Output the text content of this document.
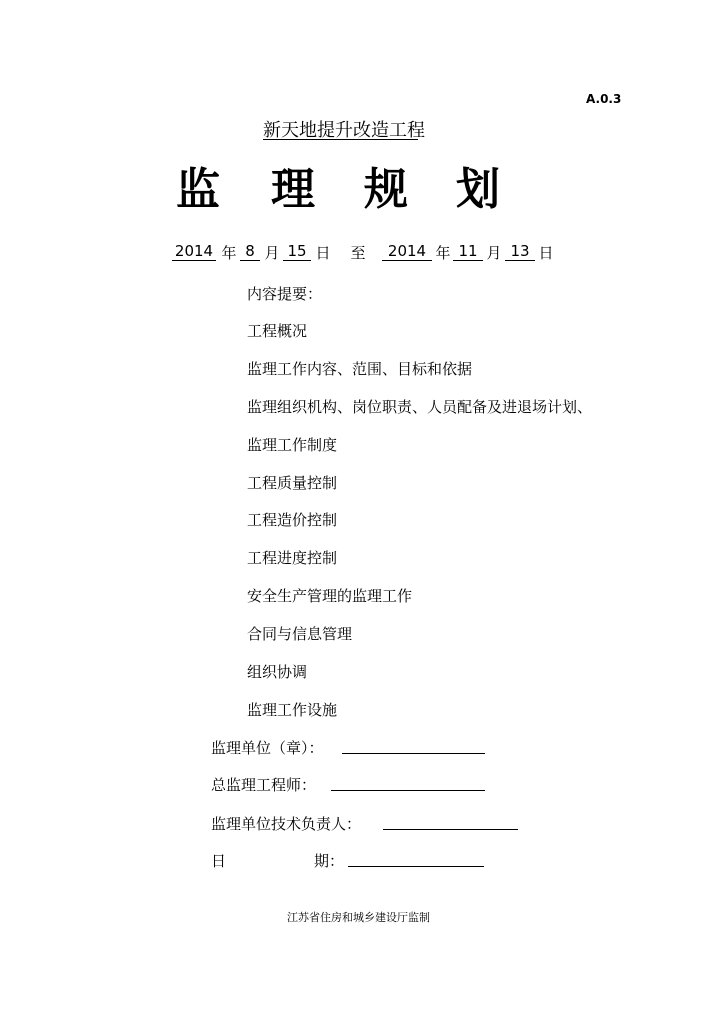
A.0.3
新天地提升改造工程
监 理 规 划
2014 年 8 月 15 日 至	2014 年 11 月 13 日
内容提要：
工程概况
监理工作内容、范围、目标和依据
监理组织机构、岗位职责、人员配备及进退场计划、
监理工作制度
工程质量控制
工程造价控制
工程进度控制
安全生产管理的监理工作
合同与信息管理
组织协调
监理工作设施
监理单位（章）：
总监理工程师：
监理单位技术负责人：
日	期：
江苏省住房和城乡建设厅监制
